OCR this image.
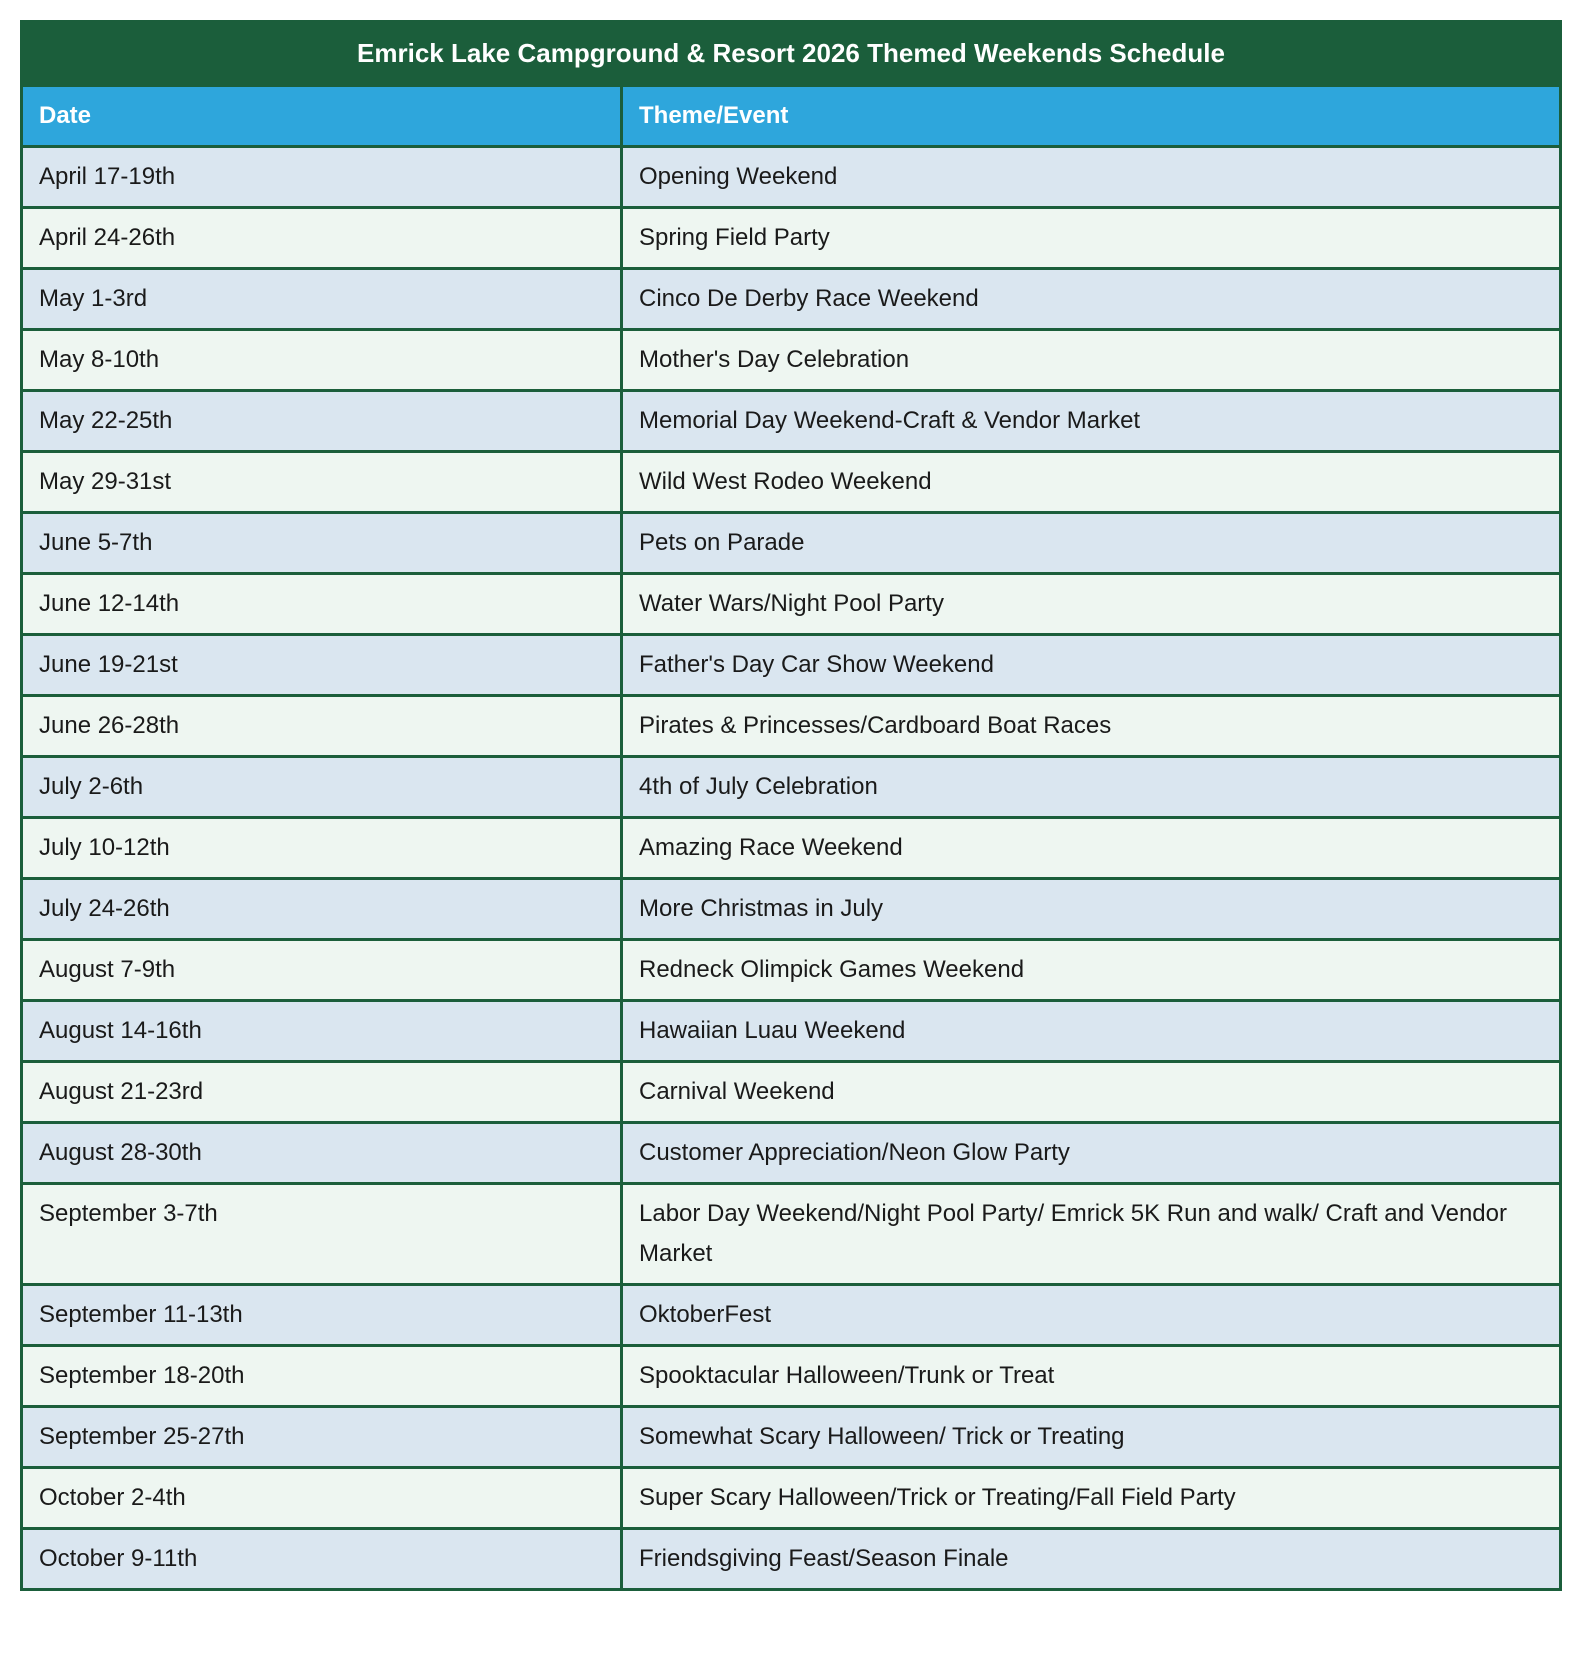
Emrick Lake Campground & Resort 2026 Themed Weekends Schedule	
Date	Theme/Event
April 17-19th	Opening Weekend
April 24-26th	Spring Field Party
May 1-3rd	Cinco De Derby Race Weekend
May 8-10th	Mother's Day Celebration
May 22-25th	Memorial Day Weekend-Craft & Vendor Market
May 29-31st	Wild West Rodeo Weekend
June 5-7th	Pets on Parade
June 12-14th	Water Wars/Night Pool Party
June 19-21st	Father's Day Car Show Weekend
June 26-28th	Pirates & Princesses/Cardboard Boat Races
July 2-6th	4th of July Celebration
July 10-12th	Amazing Race Weekend
July 24-26th	More Christmas in July
August 7-9th	Redneck Olimpick Games Weekend
August 14-16th	Hawaiian Luau Weekend
August 21-23rd	Carnival Weekend
August 28-30th	Customer Appreciation/Neon Glow Party
September 3-7th	Labor Day Weekend/Night Pool Party/ Emrick 5K Run and walk/ Craft and Vendor Market
September 11-13th	OktoberFest
September 18-20th	Spooktacular Halloween/Trunk or Treat
September 25-27th	Somewhat Scary Halloween/ Trick or Treating
October 2-4th	Super Scary Halloween/Trick or Treating/Fall Field Party
October 9-11th	Friendsgiving Feast/Season Finale
